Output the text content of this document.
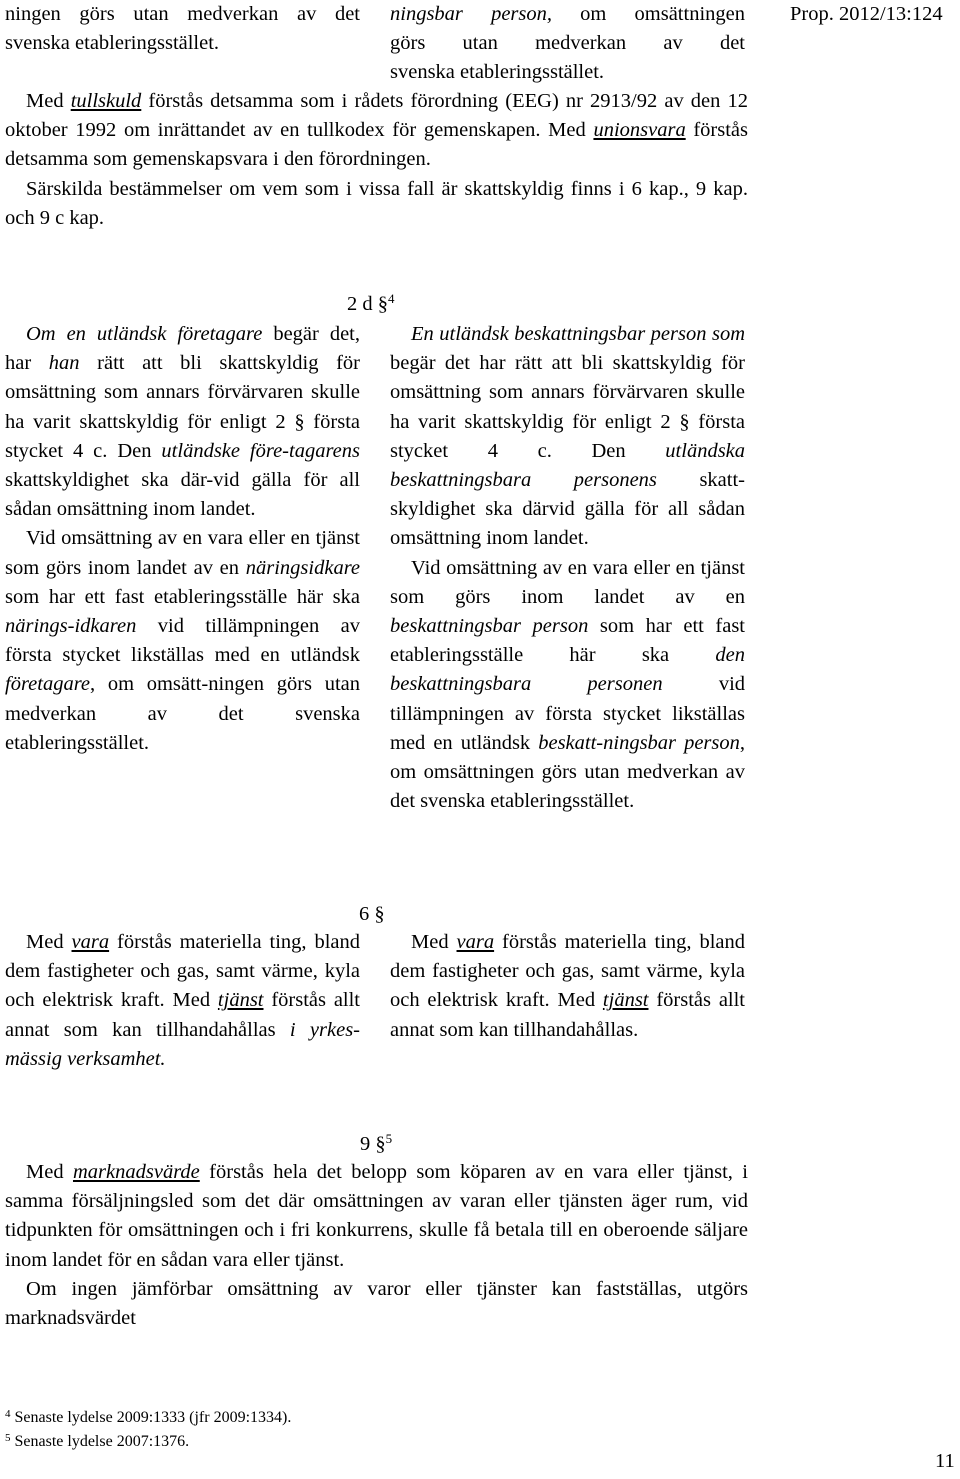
Prop. 2012/13:124
ningen görs utan medverkan av det
svenska etableringsstället.
ningsbar person, om omsättningen
görs utan medverkan av det
svenska etableringsstället.
Med tullskuld förstås detsamma som i rådets förordning (EEG) nr 2913/92 av den 12 oktober 1992 om inrättandet av en tullkodex för gemenskapen. Med unionsvara förstås detsamma som gemenskapsvara i den förordningen.
Särskilda bestämmelser om vem som i vissa fall är skattskyldig finns i 6 kap., 9 kap. och 9 c kap.
2 d §$^4$
Om en utländsk företagare begär det, har han rätt att bli skattskyldig för omsättning som annars förvärvaren skulle ha varit skattskyldig för enligt 2 § första stycket 4 c. Den utländske före-tagarens skattskyldighet ska där-vid gälla för all sådan omsättning inom landet.
Vid omsättning av en vara eller en tjänst som görs inom landet av en näringsidkare som har ett fast etableringsställe här ska närings-idkaren vid tillämpningen av första stycket likställas med en utländsk företagare, om omsätt-ningen görs utan medverkan av det svenska etableringsstället.
En utländsk beskattningsbar person som begär det har rätt att bli skattskyldig för omsättning som annars förvärvaren skulle ha varit skattskyldig för enligt 2 § första stycket 4 c. Den utländska beskattningsbara personens skatt-skyldighet ska därvid gälla för all sådan omsättning inom landet.
Vid omsättning av en vara eller en tjänst som görs inom landet av en beskattningsbar person som har ett fast etableringsställe här ska den beskattningsbara personen	vid tillämpningen av första stycket likställas med en utländsk beskatt-ningsbar person, om omsättningen görs utan medverkan av det svenska etableringsstället.
6 §
Med vara förstås materiella ting, bland dem fastigheter och gas, samt värme, kyla och elektrisk kraft. Med tjänst förstås allt annat som kan tillhandahållas i yrkes-mässig verksamhet.
Med vara förstås materiella ting, bland dem fastigheter och gas, samt värme, kyla och elektrisk kraft. Med tjänst förstås allt annat som kan tillhandahållas.
9 §$^5$
Med marknadsvärde förstås hela det belopp som köparen av en vara eller tjänst, i samma försäljningsled som det där omsättningen av varan eller tjänsten äger rum, vid tidpunkten för omsättningen och i fri konkurrens, skulle få betala till en oberoende säljare inom landet för en sådan vara eller tjänst.
Om ingen jämförbar omsättning av varor eller tjänster kan fastställas, utgörs marknadsvärdet
$^4$ Senaste lydelse 2009:1333 (jfr 2009:1334).
$^5$ Senaste lydelse 2007:1376.
11
